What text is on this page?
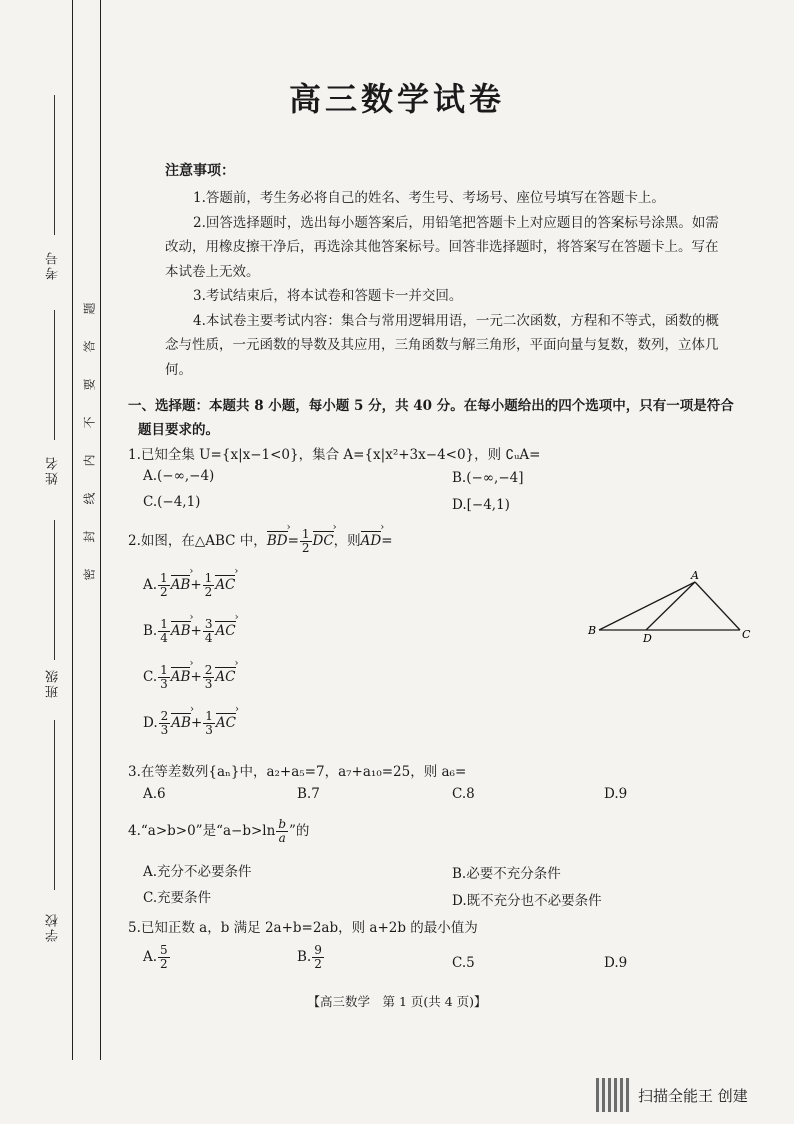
考号
姓名
班级
学校
题
答
要
不
内
线
封
密
高三数学试卷
注意事项：

1.答题前，考生务必将自己的姓名、考生号、考场号、座位号填写在答题卡上。

2.回答选择题时，选出每小题答案后，用铅笔把答题卡上对应题目的答案标号涂黑。如需改动，用橡皮擦干净后，再选涂其他答案标号。回答非选择题时，将答案写在答题卡上。写在本试卷上无效。

3.考试结束后，将本试卷和答题卡一并交回。

4.本试卷主要考试内容：集合与常用逻辑用语，一元二次函数，方程和不等式，函数的概念与性质，一元函数的导数及其应用，三角函数与解三角形，平面向量与复数，数列，立体几何。

一、选择题：本题共 8 小题，每小题 5 分，共 40 分。在每小题给出的四个选项中，只有一项是符合
题目要求的。
1.已知全集 U={x|x−1<0}，集合 A={x|x²+3x−4<0}，则 ∁ᵤA=
A.(−∞,−4)	B.(−∞,−4]
C.(−4,1)	D.[−4,1)
2.如图，在△ABC 中，› $BD= \frac{1}{2}$ › DC，则› AD=
A. $\frac{1}{2}$ › $AB+ \frac{1}{2}$ › AC
B. $\frac{1}{4}$ › $AB+ \frac{3}{4}$ › AC
C. $\frac{1}{3}$ › $AB+ \frac{2}{3}$ › AC
D. $\frac{2}{3}$ › $AB+ \frac{1}{3}$ › AC
A
B	C
D
3.在等差数列{aₙ}中，a₂+a₅=7，a₇+a₁₀=25，则 a₆=
A.6	B.7	C.8	D.9
4.“a>b>0”是“$a-b>\ln \frac{b}{a}$ ”的
A.充分不必要条件	B.必要不充分条件
C.充要条件	D.既不充分也不必要条件
5.已知正数 a，b 满足 2a+b=2ab，则 a+2b 的最小值为
A. $\frac{5}{2}$	B. $\frac{9}{2}$	C.5	D.9
【高三数学　第 1 页(共 4 页)】
扫描全能王 创建
